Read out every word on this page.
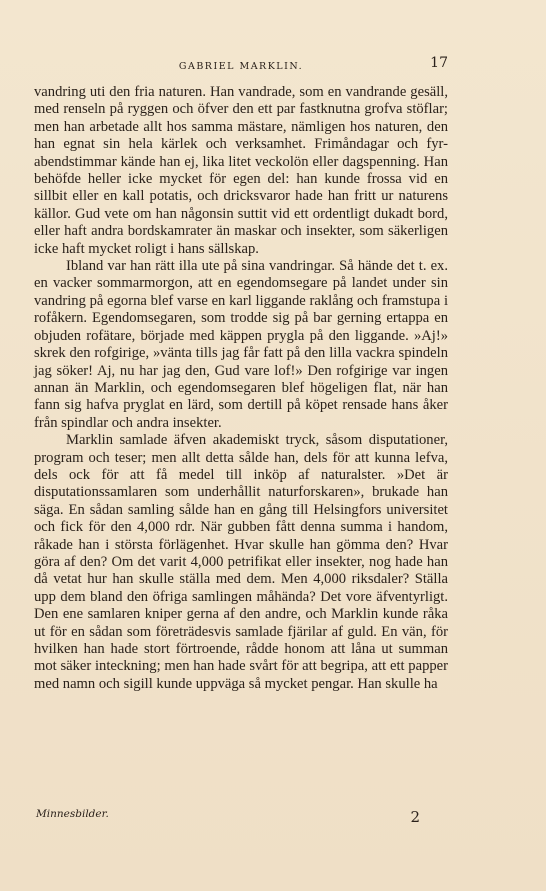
GABRIEL MARKLIN.	17

vandring uti den fria naturen. Han vandrade, som en vandrande gesäll, med renseln på ryggen och öfver den ett par fastknutna grofva stöflar; men han arbetade allt hos samma mästare, nämligen hos naturen, den han egnat sin hela kärlek och verksamhet. Frimåndagar och fyr-abendstimmar kände han ej, lika litet veckolön eller dagspenning. Han behöfde heller icke mycket för egen del: han kunde frossa vid en sillbit eller en kall potatis, och dricksvaror hade han fritt ur naturens källor. Gud vete om han någonsin suttit vid ett ordentligt dukadt bord, eller haft andra bordskamrater än maskar och insekter, som säkerligen icke haft mycket roligt i hans sällskap.

Ibland var han rätt illa ute på sina vandringar. Så hände det t. ex. en vacker sommarmorgon, att en egendomsegare på landet under sin vandring på egorna blef varse en karl liggande raklång och framstupa i rofåkern. Egendomsegaren, som trodde sig på bar gerning ertappa en objuden rofätare, började med käppen prygla på den liggande. »Aj!» skrek den rofgirige, »vänta tills jag får fatt på den lilla vackra spindeln jag söker! Aj, nu har jag den, Gud vare lof!» Den rofgirige var ingen annan än Marklin, och egendomsegaren blef högeligen flat, när han fann sig hafva pryglat en lärd, som dertill på köpet rensade hans åker från spindlar och andra insekter.

Marklin samlade äfven akademiskt tryck, såsom disputationer, program och teser; men allt detta sålde han, dels för att kunna lefva, dels ock för att få medel till inköp af naturalster. »Det är disputationssamlaren som underhållit naturforskaren», brukade han säga. En sådan samling sålde han en gång till Helsingfors universitet och fick för den 4,000 rdr. När gubben fått denna summa i handom, råkade han i största förlägenhet. Hvar skulle han gömma den? Hvar göra af den? Om det varit 4,000 petrifikat eller insekter, nog hade han då vetat hur han skulle ställa med dem. Men 4,000 riksdaler? Ställa upp dem bland den öfriga samlingen måhända? Det vore äfventyrligt. Den ene samlaren kniper gerna af den andre, och Marklin kunde råka ut för en sådan som företrädesvis samlade fjärilar af guld. En vän, för hvilken han hade stort förtroende, rådde honom att låna ut summan mot säker inteckning; men han hade svårt för att begripa, att ett papper med namn och sigill kunde uppväga så mycket pengar. Han skulle ha

Minnesbilder.	2
